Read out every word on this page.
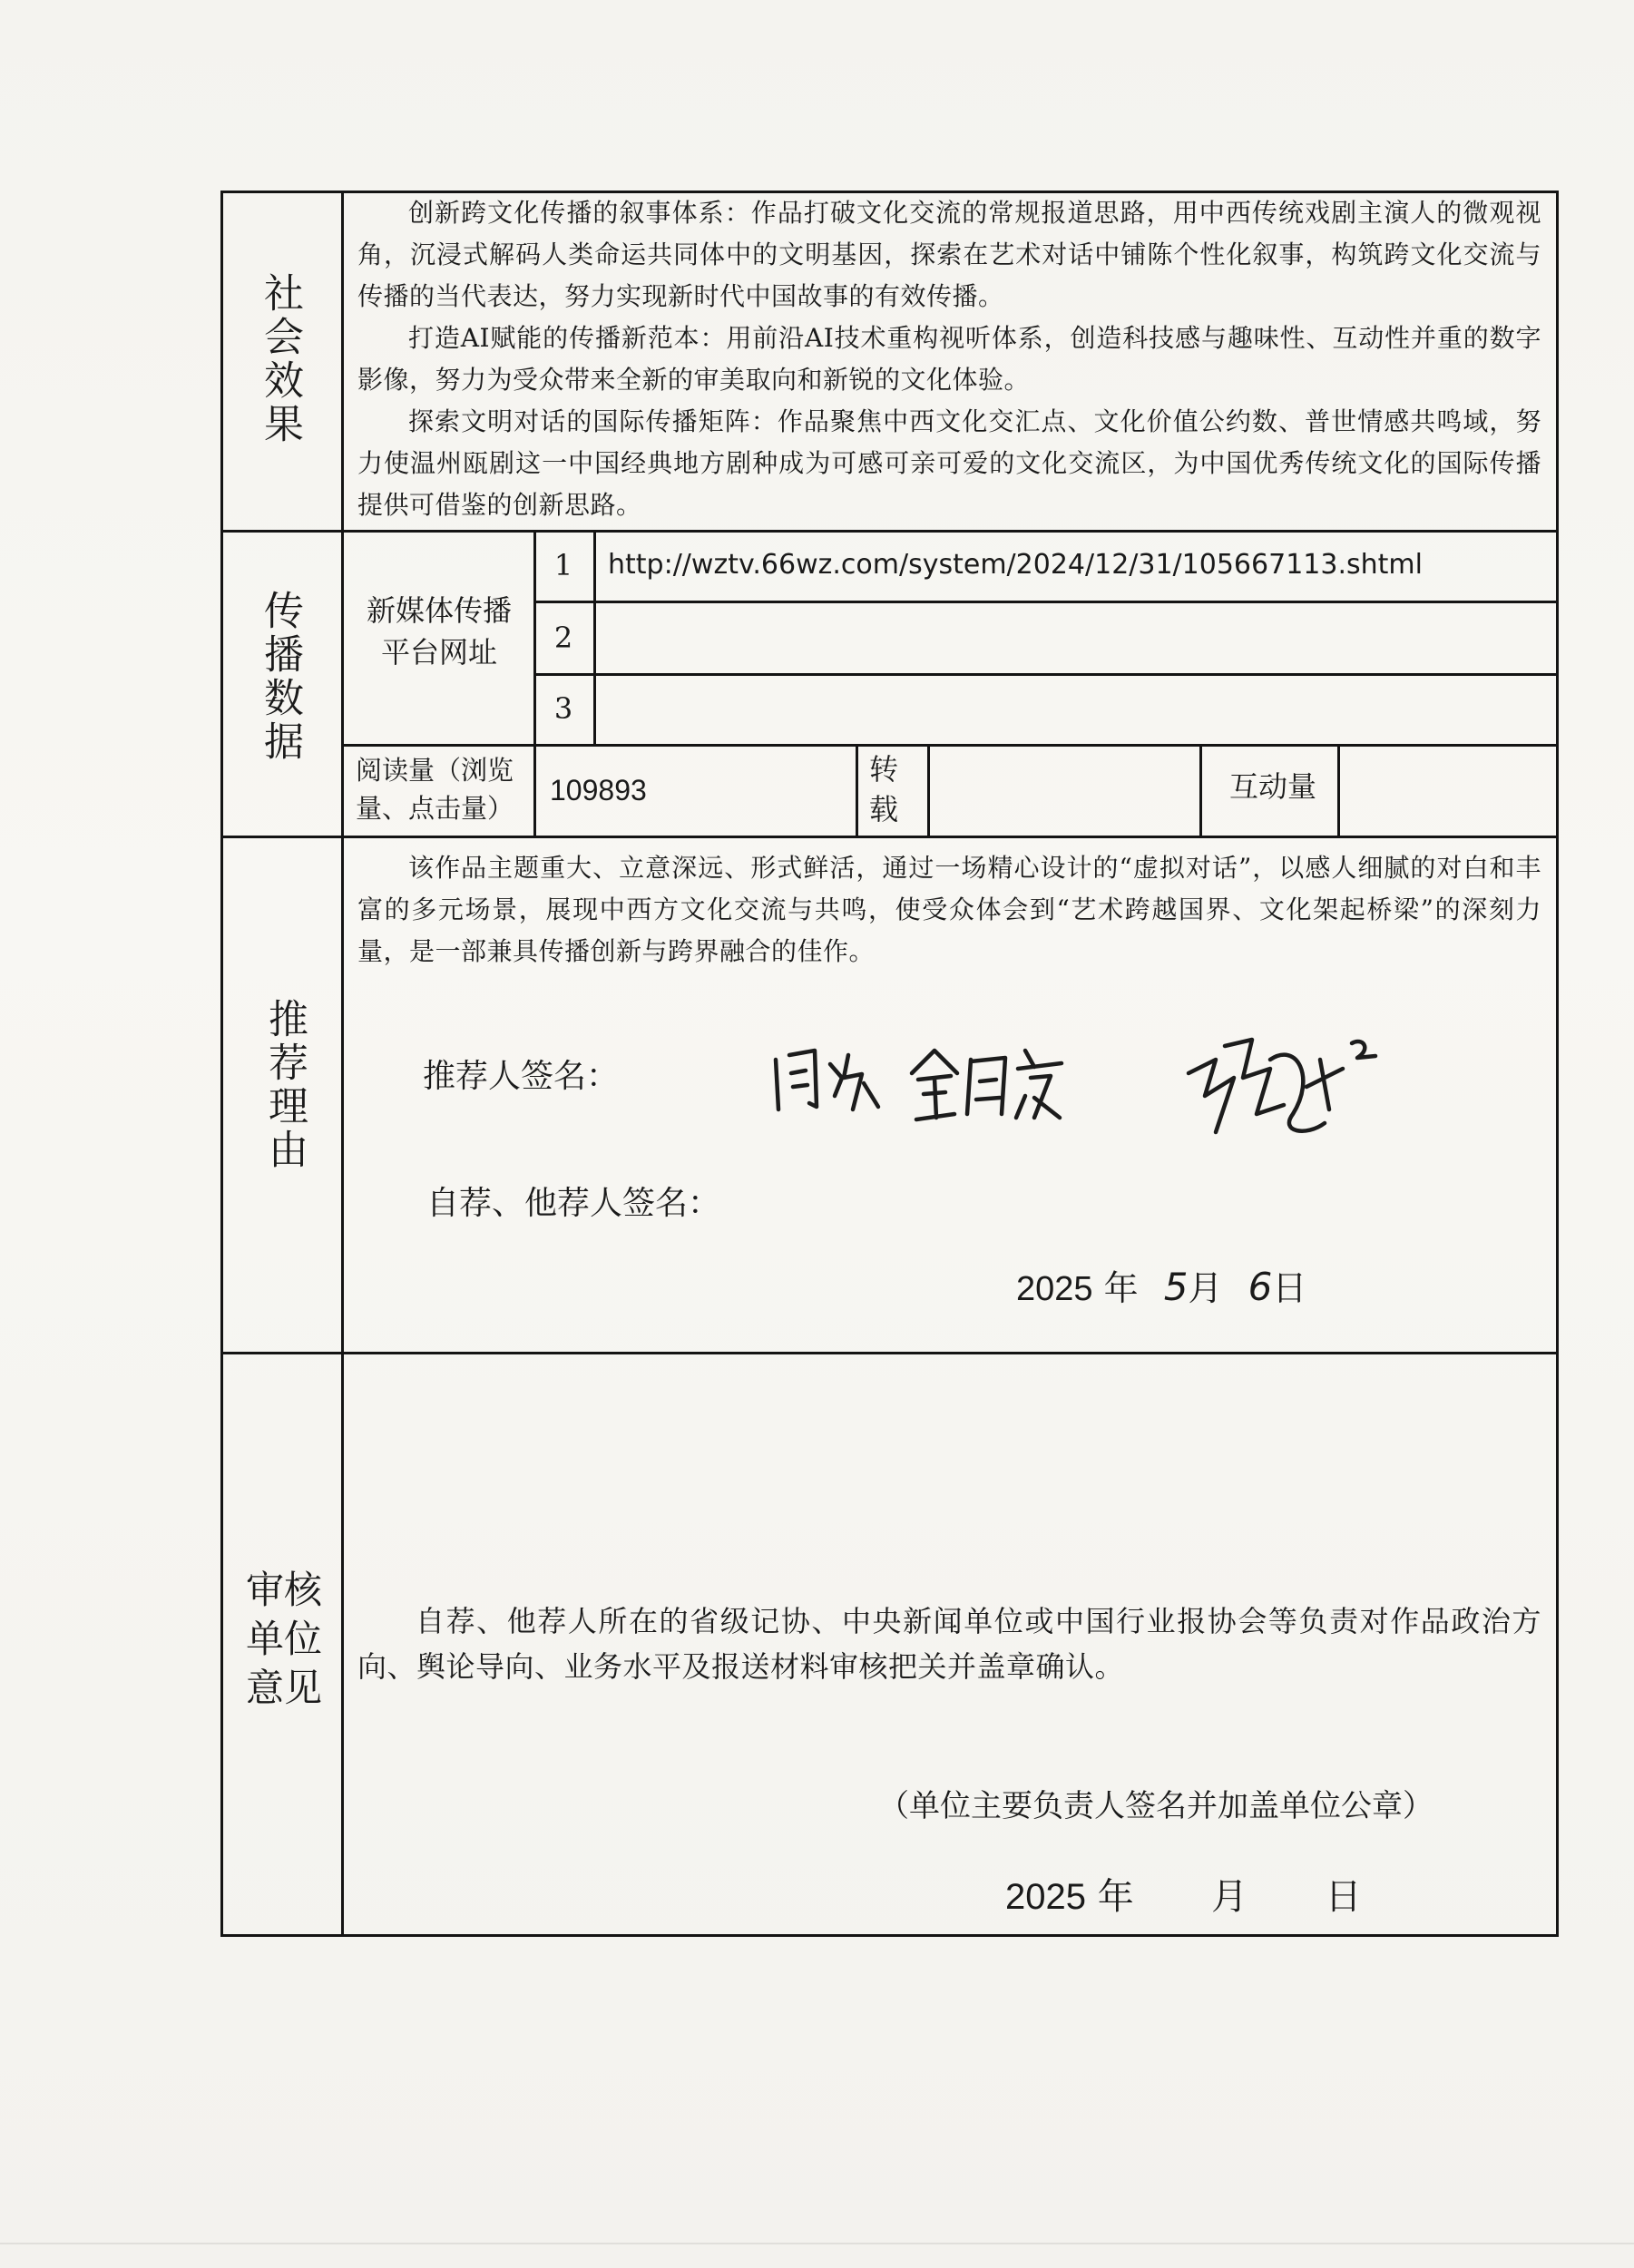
社会效果

创新跨文化传播的叙事体系：作品打破文化交流的常规报道思路，用中西传统戏剧主演人的微观视角，沉浸式解码人类命运共同体中的文明基因，探索在艺术对话中铺陈个性化叙事，构筑跨文化交流与传播的当代表达，努力实现新时代中国故事的有效传播。

打造AI赋能的传播新范本：用前沿AI技术重构视听体系，创造科技感与趣味性、互动性并重的数字影像，努力为受众带来全新的审美取向和新锐的文化体验。

探索文明对话的国际传播矩阵：作品聚焦中西文化交汇点、文化价值公约数、普世情感共鸣域，努力使温州瓯剧这一中国经典地方剧种成为可感可亲可爱的文化交流区，为中国优秀传统文化的国际传播提供可借鉴的创新思路。

传播数据	新媒体传播平台网址
1	http://wztv.66wz.com/system/2024/12/31/105667113.shtml
2
3
阅读量（浏览量、点击量）
109893
转载
互动量
推荐理由

该作品主题重大、立意深远、形式鲜活，通过一场精心设计的“虚拟对话”，以感人细腻的对白和丰富的多元场景，展现中西方文化交流与共鸣，使受众体会到“艺术跨越国界、文化架起桥梁”的深刻力量，是一部兼具传播创新与跨界融合的佳作。

推荐人签名：
自荐、他荐人签名：
2025 年 5月 6日
审核单位意见

自荐、他荐人所在的省级记协、中央新闻单位或中国行业报协会等负责对作品政治方向、舆论导向、业务水平及报送材料审核把关并盖章确认。

（单位主要负责人签名并加盖单位公章）
2025 年 月 日
